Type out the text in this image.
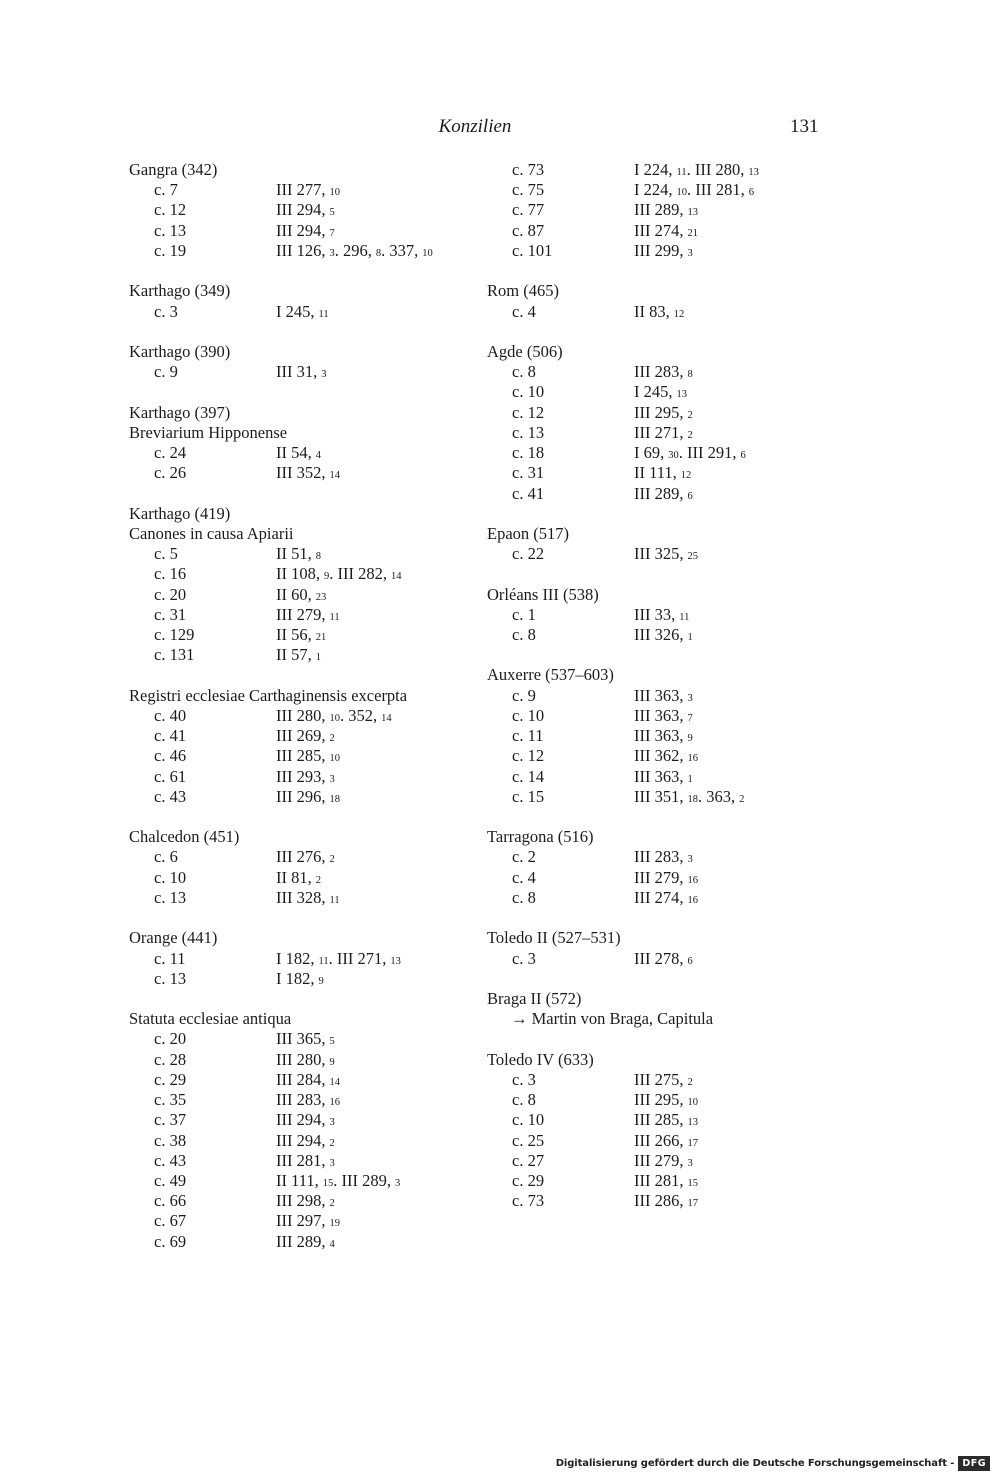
Konzilien	131
Gangra (342)
c. 7	III 277, 10
c. 12	III 294, 5
c. 13	III 294, 7
c. 19	III 126, 3. 296, 8. 337, 10
Karthago (349)
c. 3	I 245, 11
Karthago (390)
c. 9	III 31, 3
Karthago (397)
Breviarium Hipponense
c. 24	II 54, 4
c. 26	III 352, 14
Karthago (419)
Canones in causa Apiarii
c. 5	II 51, 8
c. 16	II 108, 9. III 282, 14
c. 20	II 60, 23
c. 31	III 279, 11
c. 129	II 56, 21
c. 131	II 57, 1
Registri ecclesiae Carthaginensis excerpta
c. 40	III 280, 10. 352, 14
c. 41	III 269, 2
c. 46	III 285, 10
c. 61	III 293, 3
c. 43	III 296, 18
Chalcedon (451)
c. 6	III 276, 2
c. 10	II 81, 2
c. 13	III 328, 11
Orange (441)
c. 11	I 182, 11. III 271, 13
c. 13	I 182, 9
Statuta ecclesiae antiqua
c. 20	III 365, 5
c. 28	III 280, 9
c. 29	III 284, 14
c. 35	III 283, 16
c. 37	III 294, 3
c. 38	III 294, 2
c. 43	III 281, 3
c. 49	II 111, 15. III 289, 3
c. 66	III 298, 2
c. 67	III 297, 19
c. 69	III 289, 4
c. 73	I 224, 11. III 280, 13
c. 75	I 224, 10. III 281, 6
c. 77	III 289, 13
c. 87	III 274, 21
c. 101	III 299, 3
Rom (465)
c. 4	II 83, 12
Agde (506)
c. 8	III 283, 8
c. 10	I 245, 13
c. 12	III 295, 2
c. 13	III 271, 2
c. 18	I 69, 30. III 291, 6
c. 31	II 111, 12
c. 41	III 289, 6
Epaon (517)
c. 22	III 325, 25
Orléans III (538)
c. 1	III 33, 11
c. 8	III 326, 1
Auxerre (537–603)
c. 9	III 363, 3
c. 10	III 363, 7
c. 11	III 363, 9
c. 12	III 362, 16
c. 14	III 363, 1
c. 15	III 351, 18. 363, 2
Tarragona (516)
c. 2	III 283, 3
c. 4	III 279, 16
c. 8	III 274, 16
Toledo II (527–531)
c. 3	III 278, 6
Braga II (572)
→ Martin von Braga, Capitula
Toledo IV (633)
c. 3	III 275, 2
c. 8	III 295, 10
c. 10	III 285, 13
c. 25	III 266, 17
c. 27	III 279, 3
c. 29	III 281, 15
c. 73	III 286, 17
Digitalisierung gefördert durch die Deutsche Forschungsgemeinschaft - DFG
